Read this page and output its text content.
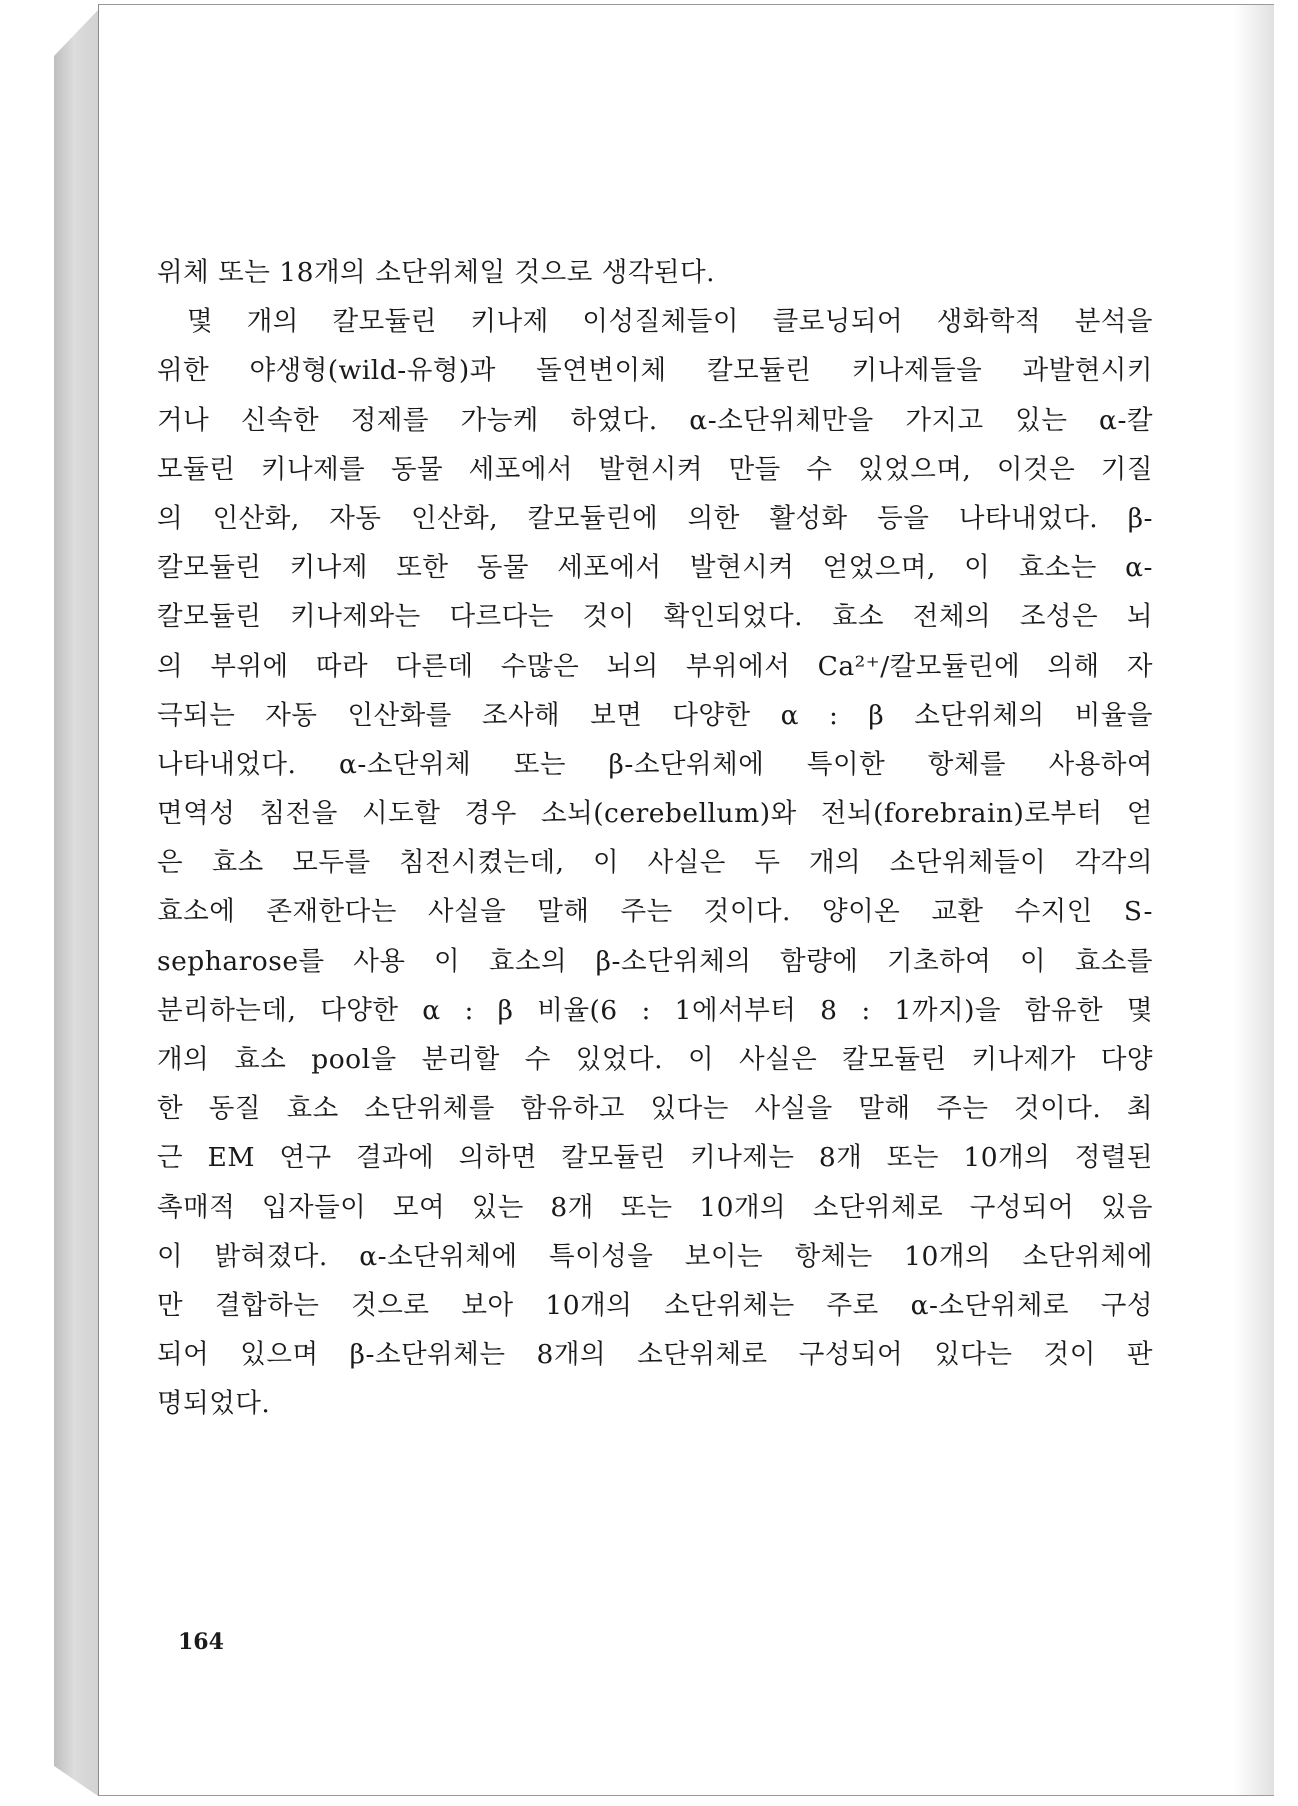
위체 또는 18개의 소단위체일 것으로 생각된다.
몇 개의 칼모듈린 키나제 이성질체들이 클로닝되어 생화학적 분석을
위한 야생형(wild-유형)과 돌연변이체 칼모듈린 키나제들을 과발현시키
거나 신속한 정제를 가능케 하였다. α-소단위체만을 가지고 있는 α-칼
모듈린 키나제를 동물 세포에서 발현시켜 만들 수 있었으며, 이것은 기질
의 인산화, 자동 인산화, 칼모듈린에 의한 활성화 등을 나타내었다. β-
칼모듈린 키나제 또한 동물 세포에서 발현시켜 얻었으며, 이 효소는 α-
칼모듈린 키나제와는 다르다는 것이 확인되었다. 효소 전체의 조성은 뇌
의 부위에 따라 다른데 수많은 뇌의 부위에서 Ca²⁺/칼모듈린에 의해 자
극되는 자동 인산화를 조사해 보면 다양한 α : β 소단위체의 비율을
나타내었다. α-소단위체 또는 β-소단위체에 특이한 항체를 사용하여
면역성 침전을 시도할 경우 소뇌(cerebellum)와 전뇌(forebrain)로부터 얻
은 효소 모두를 침전시켰는데, 이 사실은 두 개의 소단위체들이 각각의
효소에 존재한다는 사실을 말해 주는 것이다. 양이온 교환 수지인 S-
sepharose를 사용 이 효소의 β-소단위체의 함량에 기초하여 이 효소를
분리하는데, 다양한 α : β 비율(6 : 1에서부터 8 : 1까지)을 함유한 몇
개의 효소 pool을 분리할 수 있었다. 이 사실은 칼모듈린 키나제가 다양
한 동질 효소 소단위체를 함유하고 있다는 사실을 말해 주는 것이다. 최
근 EM 연구 결과에 의하면 칼모듈린 키나제는 8개 또는 10개의 정렬된
촉매적 입자들이 모여 있는 8개 또는 10개의 소단위체로 구성되어 있음
이 밝혀졌다. α-소단위체에 특이성을 보이는 항체는 10개의 소단위체에
만 결합하는 것으로 보아 10개의 소단위체는 주로 α-소단위체로 구성
되어 있으며 β-소단위체는 8개의 소단위체로 구성되어 있다는 것이 판
명되었다.
164
